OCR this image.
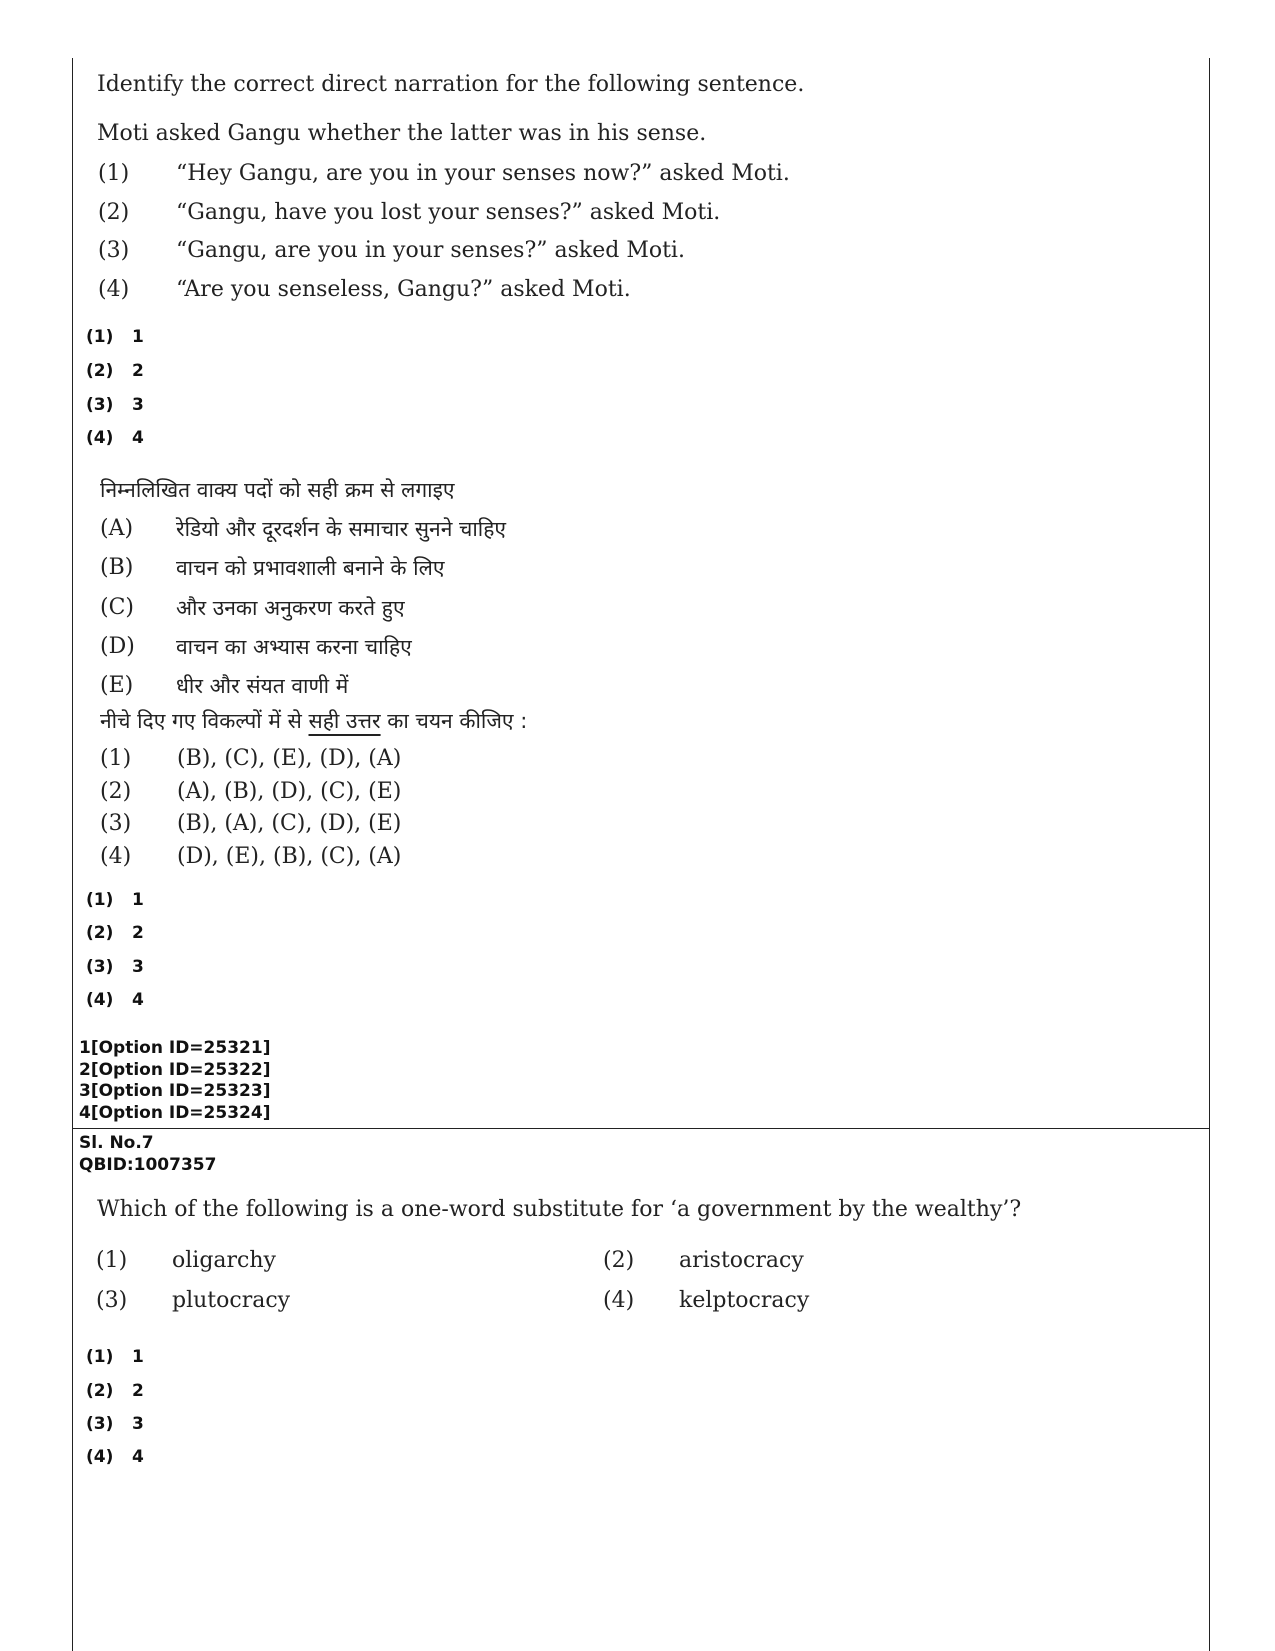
Identify the correct direct narration for the following sentence.
Moti asked Gangu whether the latter was in his sense.
(1) “Hey Gangu, are you in your senses now?” asked Moti.
(2) “Gangu, have you lost your senses?” asked Moti.
(3) “Gangu, are you in your senses?” asked Moti.
(4) “Are you senseless, Gangu?” asked Moti.
(1) 1
(2) 2
(3) 3
(4) 4
निम्नलिखित वाक्य पदों को सही क्रम से लगाइए
(A) रेडियो और दूरदर्शन के समाचार सुनने चाहिए
(B) वाचन को प्रभावशाली बनाने के लिए
(C) और उनका अनुकरण करते हुए
(D) वाचन का अभ्यास करना चाहिए
(E) धीर और संयत वाणी में
नीचे दिए गए विकल्पों में से सही उत्तर का चयन कीजिए :
(1) (B), (C), (E), (D), (A)
(2) (A), (B), (D), (C), (E)
(3) (B), (A), (C), (D), (E)
(4) (D), (E), (B), (C), (A)
(1) 1
(2) 2
(3) 3
(4) 4
1[Option ID=25321]
2[Option ID=25322]
3[Option ID=25323]
4[Option ID=25324]
Sl. No.7
QBID:1007357
Which of the following is a one-word substitute for ‘a government by the wealthy’?
(1) oligarchy	(2) aristocracy
(3) plutocracy	(4) kelptocracy
(1) 1
(2) 2
(3) 3
(4) 4
